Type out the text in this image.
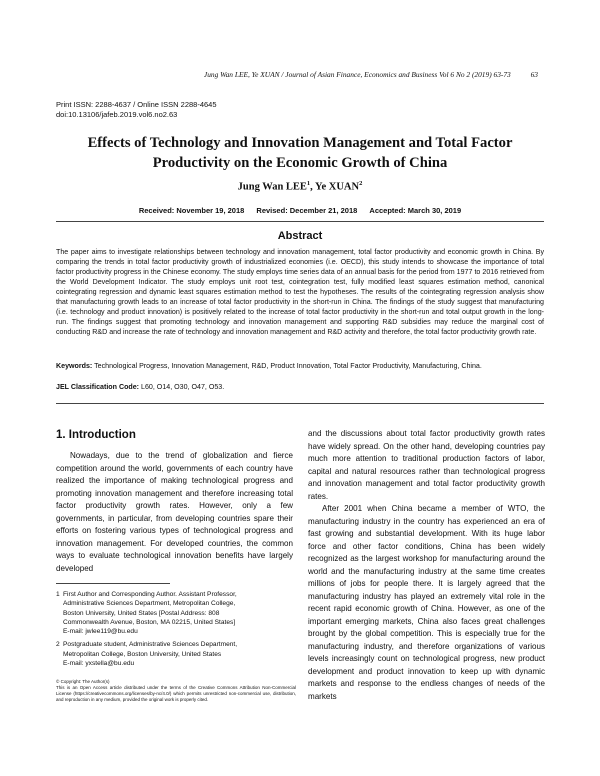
Jung Wan LEE, Ye XUAN / Journal of Asian Finance, Economics and Business Vol 6 No 2 (2019) 63-73	63
Print ISSN: 2288-4637 / Online ISSN 2288-4645
doi:10.13106/jafeb.2019.vol6.no2.63
Effects of Technology and Innovation Management and Total Factor
Productivity on the Economic Growth of China
Jung Wan LEE$^1$, Ye XUAN$^2$
Received: November 19, 2018 Revised: December 21, 2018 Accepted: March 30, 2019
Abstract
The paper aims to investigate relationships between technology and innovation management, total factor productivity and economic growth in China. By comparing the trends in total factor productivity growth of industrialized economies (i.e. OECD), this study intends to showcase the importance of total factor productivity progress in the Chinese economy. The study employs time series data of an annual basis for the period from 1977 to 2016 retrieved from the World Development Indicator. The study employs unit root test, cointegration test, fully modified least squares estimation method, canonical cointegrating regression and dynamic least squares estimation method to test the hypotheses. The results of the cointegrating regression analysis show that manufacturing growth leads to an increase of total factor productivity in the short-run in China. The findings of the study suggest that manufacturing (i.e. technology and product innovation) is positively related to the increase of total factor productivity in the short-run and total output growth in the long-run. The findings suggest that promoting technology and innovation management and supporting R&D subsidies may reduce the marginal cost of conducting R&D and increase the rate of technology and innovation management and R&D activity and therefore, the total factor productivity growth rate.
Keywords: Technological Progress, Innovation Management, R&D, Product Innovation, Total Factor Productivity, Manufacturing, China.
JEL Classification Code: L60, O14, O30, O47, O53.
1. Introduction

Nowadays, due to the trend of globalization and fierce competition around the world, governments of each country have realized the importance of making technological progress and promoting innovation management and therefore increasing total factor productivity growth rates. However, only a few governments, in particular, from developing countries spare their efforts on fostering various types of technological progress and innovation management. For developed countries, the common ways to evaluate technological innovation benefits have largely developed

and the discussions about total factor productivity growth rates have widely spread. On the other hand, developing countries pay much more attention to traditional production factors of labor, capital and natural resources rather than technological progress and innovation management and total factor productivity growth rates.

After 2001 when China became a member of WTO, the manufacturing industry in the country has experienced an era of fast growing and substantial development. With its huge labor force and other factor conditions, China has been widely recognized as the largest workshop for manufacturing around the world and the manufacturing industry at the same time creates millions of jobs for people there. It is largely agreed that the manufacturing industry has played an extremely vital role in the recent rapid economic growth of China. However, as one of the important emerging markets, China also faces great challenges brought by the global competition. This is especially true for the manufacturing industry, and therefore organizations of various levels increasingly count on technological progress, new product development and product innovation to keep up with dynamic markets and response to the endless changes of needs of the markets

1 First Author and Corresponding Author. Assistant Professor,
Administrative Sciences Department, Metropolitan College,
Boston University, United States [Postal Address: 808
Commonwealth Avenue, Boston, MA 02215, United States]
E-mail: jwlee119@bu.edu
2 Postgraduate student, Administrative Sciences Department,
Metropolitan College, Boston University, United States
E-mail: yxstella@bu.edu
© Copyright: The Author(s)
This is an Open Access article distributed under the terms of the Creative Commons Attribution Non-Commercial License (https://creativecommons.org/licenses/by-nc/4.0/) which permits unrestricted non-commercial use, distribution, and reproduction in any medium, provided the original work is properly cited.
